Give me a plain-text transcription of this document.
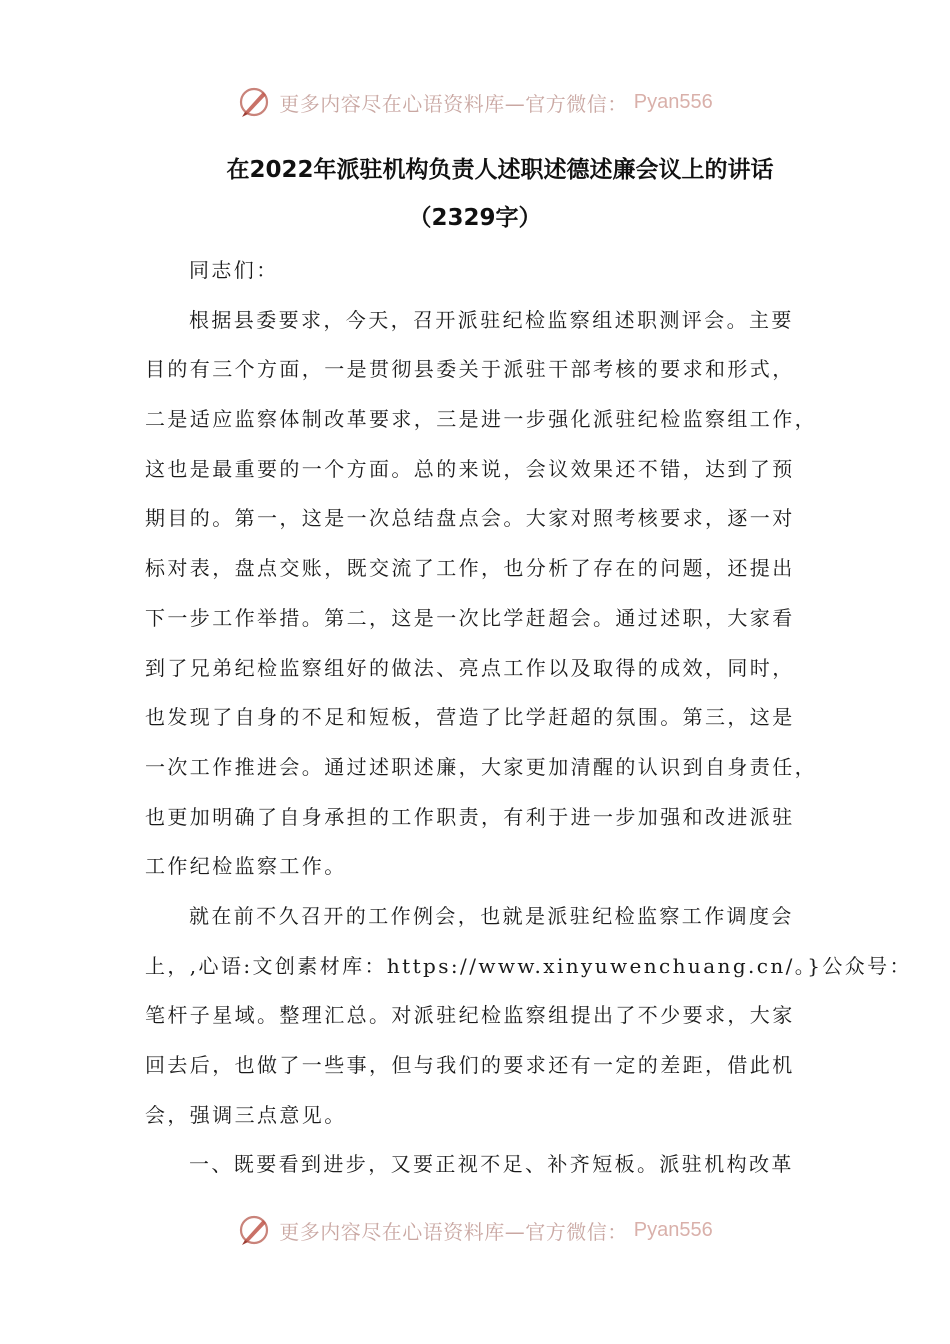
更多内容尽在心语资料库—官方微信： Pyan556
在2022年派驻机构负责人述职述德述廉会议上的讲话
（2329字）
同志们：
根据县委要求，今天，召开派驻纪检监察组述职测评会。主要
目的有三个方面，一是贯彻县委关于派驻干部考核的要求和形式，
二是适应监察体制改革要求，三是进一步强化派驻纪检监察组工作，
这也是最重要的一个方面。总的来说，会议效果还不错，达到了预
期目的。第一，这是一次总结盘点会。大家对照考核要求，逐一对
标对表，盘点交账，既交流了工作，也分析了存在的问题，还提出
下一步工作举措。第二，这是一次比学赶超会。通过述职，大家看
到了兄弟纪检监察组好的做法、亮点工作以及取得的成效，同时，
也发现了自身的不足和短板，营造了比学赶超的氛围。第三，这是
一次工作推进会。通过述职述廉，大家更加清醒的认识到自身责任，
也更加明确了自身承担的工作职责，有利于进一步加强和改进派驻
工作纪检监察工作。
就在前不久召开的工作例会，也就是派驻纪检监察工作调度会
上，,心语:文创素材库：https://www.xinyuwenchuang.cn/。}公众号：
笔杆子星域。整理汇总。对派驻纪检监察组提出了不少要求，大家
回去后，也做了一些事，但与我们的要求还有一定的差距，借此机
会，强调三点意见。
一、既要看到进步，又要正视不足、补齐短板。派驻机构改革
更多内容尽在心语资料库—官方微信： Pyan556
